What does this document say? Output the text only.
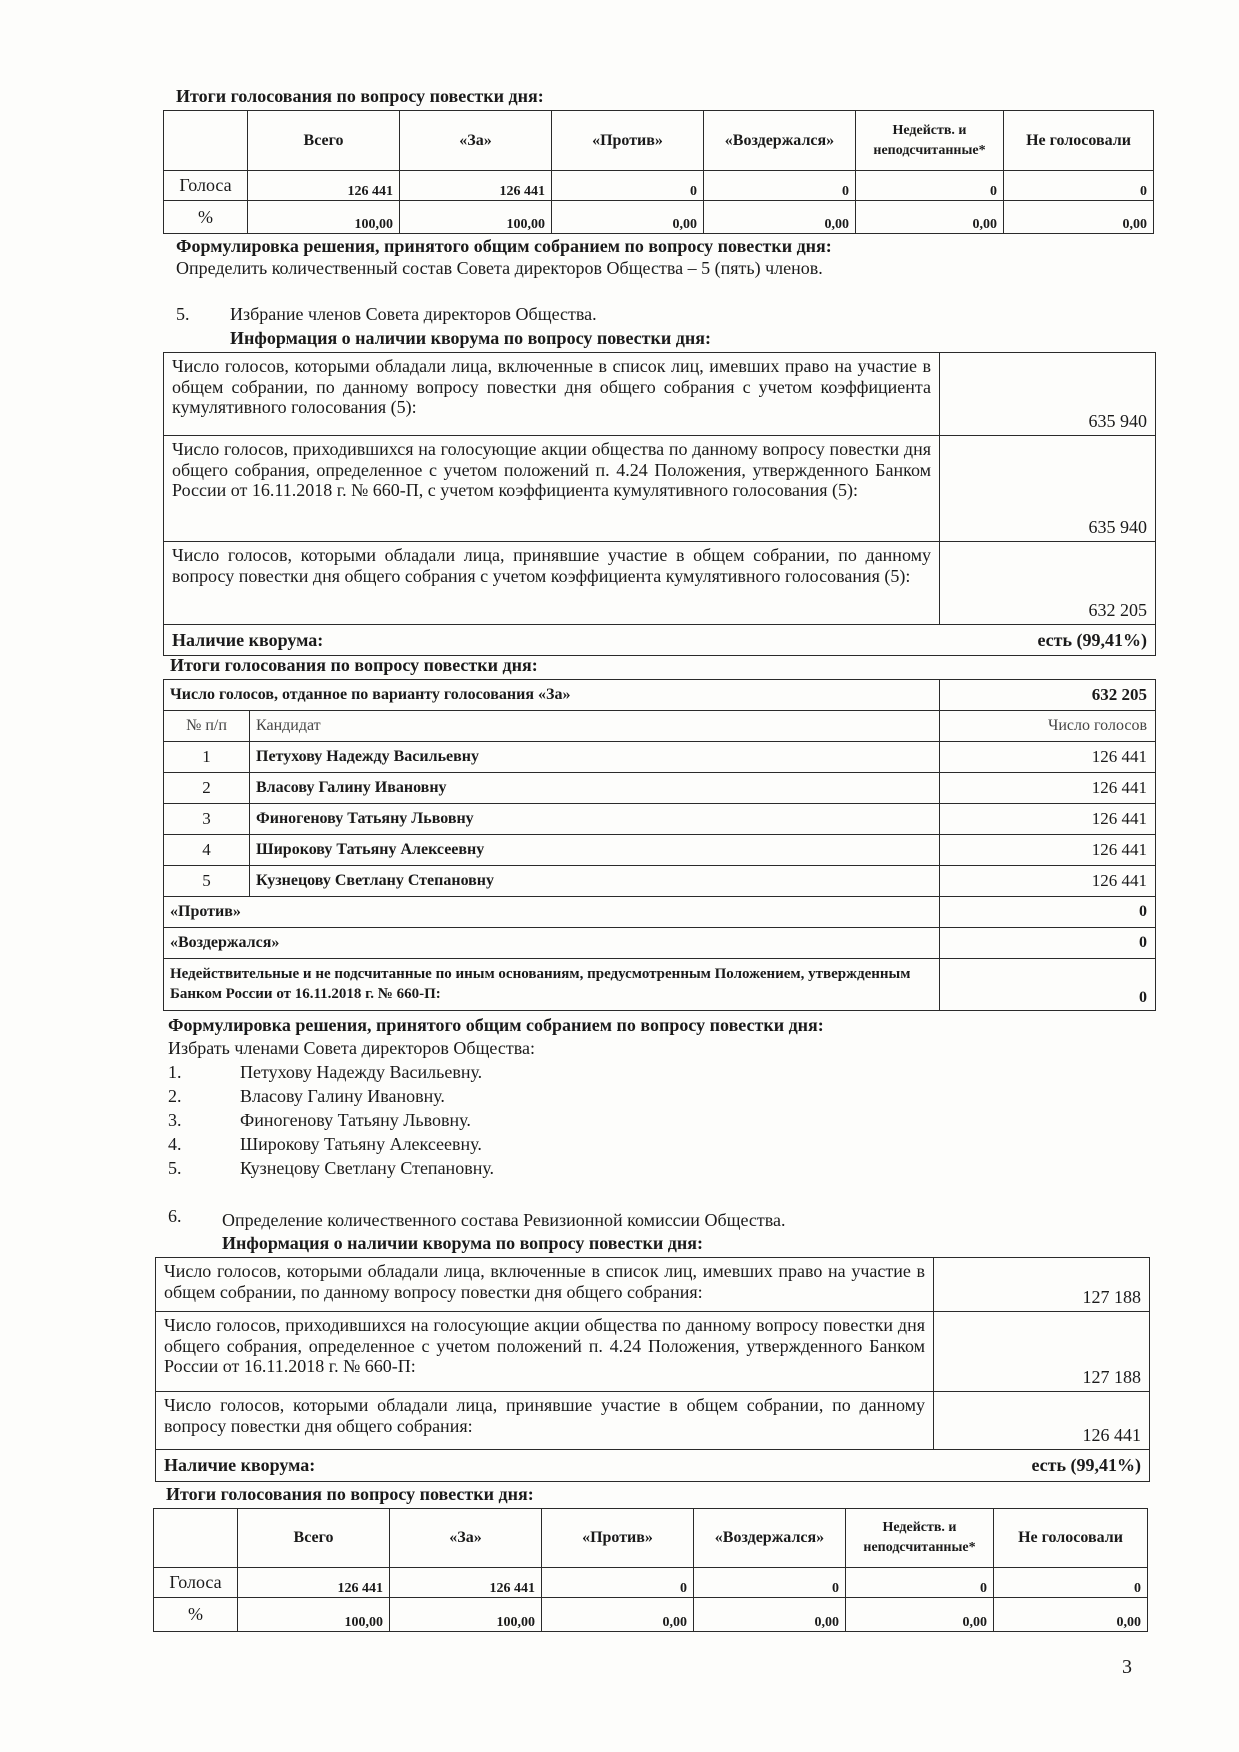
Итоги голосования по вопросу повестки дня:
	Всего	«За»	«Против»	«Воздержался»	Недейств. и неподсчитанные*	Не голосовали
Голоса	126 441	126 441	0	0	0	0
%	100,00	100,00	0,00	0,00	0,00	0,00
Формулировка решения, принятого общим собранием по вопросу повестки дня:
Определить количественный состав Совета директоров Общества – 5 (пять) членов.
5. Избрание членов Совета директоров Общества.
Информация о наличии кворума по вопросу повестки дня:
Число голосов, которыми обладали лица, включенные в список лиц, имевших право на участие в общем собрании, по данному вопросу повестки дня общего собрания с учетом коэффициента кумулятивного голосования (5):	635 940
Число голосов, приходившихся на голосующие акции общества по данному вопросу повестки дня общего собрания, определенное с учетом положений п. 4.24 Положения, утвержденного Банком России от 16.11.2018 г. № 660-П, с учетом коэффициента кумулятивного голосования (5):	635 940
Число голосов, которыми обладали лица, принявшие участие в общем собрании, по данному вопросу повестки дня общего собрания с учетом коэффициента кумулятивного голосования (5):	632 205
Наличие кворума:	есть (99,41%)
Итоги голосования по вопросу повестки дня:
Число голосов, отданное по варианту голосования «За»		632 205
№ п/п	Кандидат	Число голосов
1	Петухову Надежду Васильевну	126 441
2	Власову Галину Ивановну	126 441
3	Финогенову Татьяну Львовну	126 441
4	Широкову Татьяну Алексеевну	126 441
5	Кузнецову Светлану Степановну	126 441
«Против»		0
«Воздержался»		0
Недействительные и не подсчитанные по иным основаниям, предусмотренным Положением, утвержденным Банком России от 16.11.2018 г. № 660-П:		0
Формулировка решения, принятого общим собранием по вопросу повестки дня:
Избрать членами Совета директоров Общества:
1.	Петухову Надежду Васильевну.
2.	Власову Галину Ивановну.
3.	Финогенову Татьяну Львовну.
4.	Широкову Татьяну Алексеевну.
5.	Кузнецову Светлану Степановну.
6. Определение количественного состава Ревизионной комиссии Общества.
Информация о наличии кворума по вопросу повестки дня:
Число голосов, которыми обладали лица, включенные в список лиц, имевших право на участие в общем собрании, по данному вопросу повестки дня общего собрания:	127 188
Число голосов, приходившихся на голосующие акции общества по данному вопросу повестки дня общего собрания, определенное с учетом положений п. 4.24 Положения, утвержденного Банком России от 16.11.2018 г. № 660-П:	127 188
Число голосов, которыми обладали лица, принявшие участие в общем собрании, по данному вопросу повестки дня общего собрания:	126 441
Наличие кворума:	есть (99,41%)
Итоги голосования по вопросу повестки дня:
	Всего	«За»	«Против»	«Воздержался»	Недейств. и неподсчитанные*	Не голосовали
Голоса	126 441	126 441	0	0	0	0
%	100,00	100,00	0,00	0,00	0,00	0,00
3
